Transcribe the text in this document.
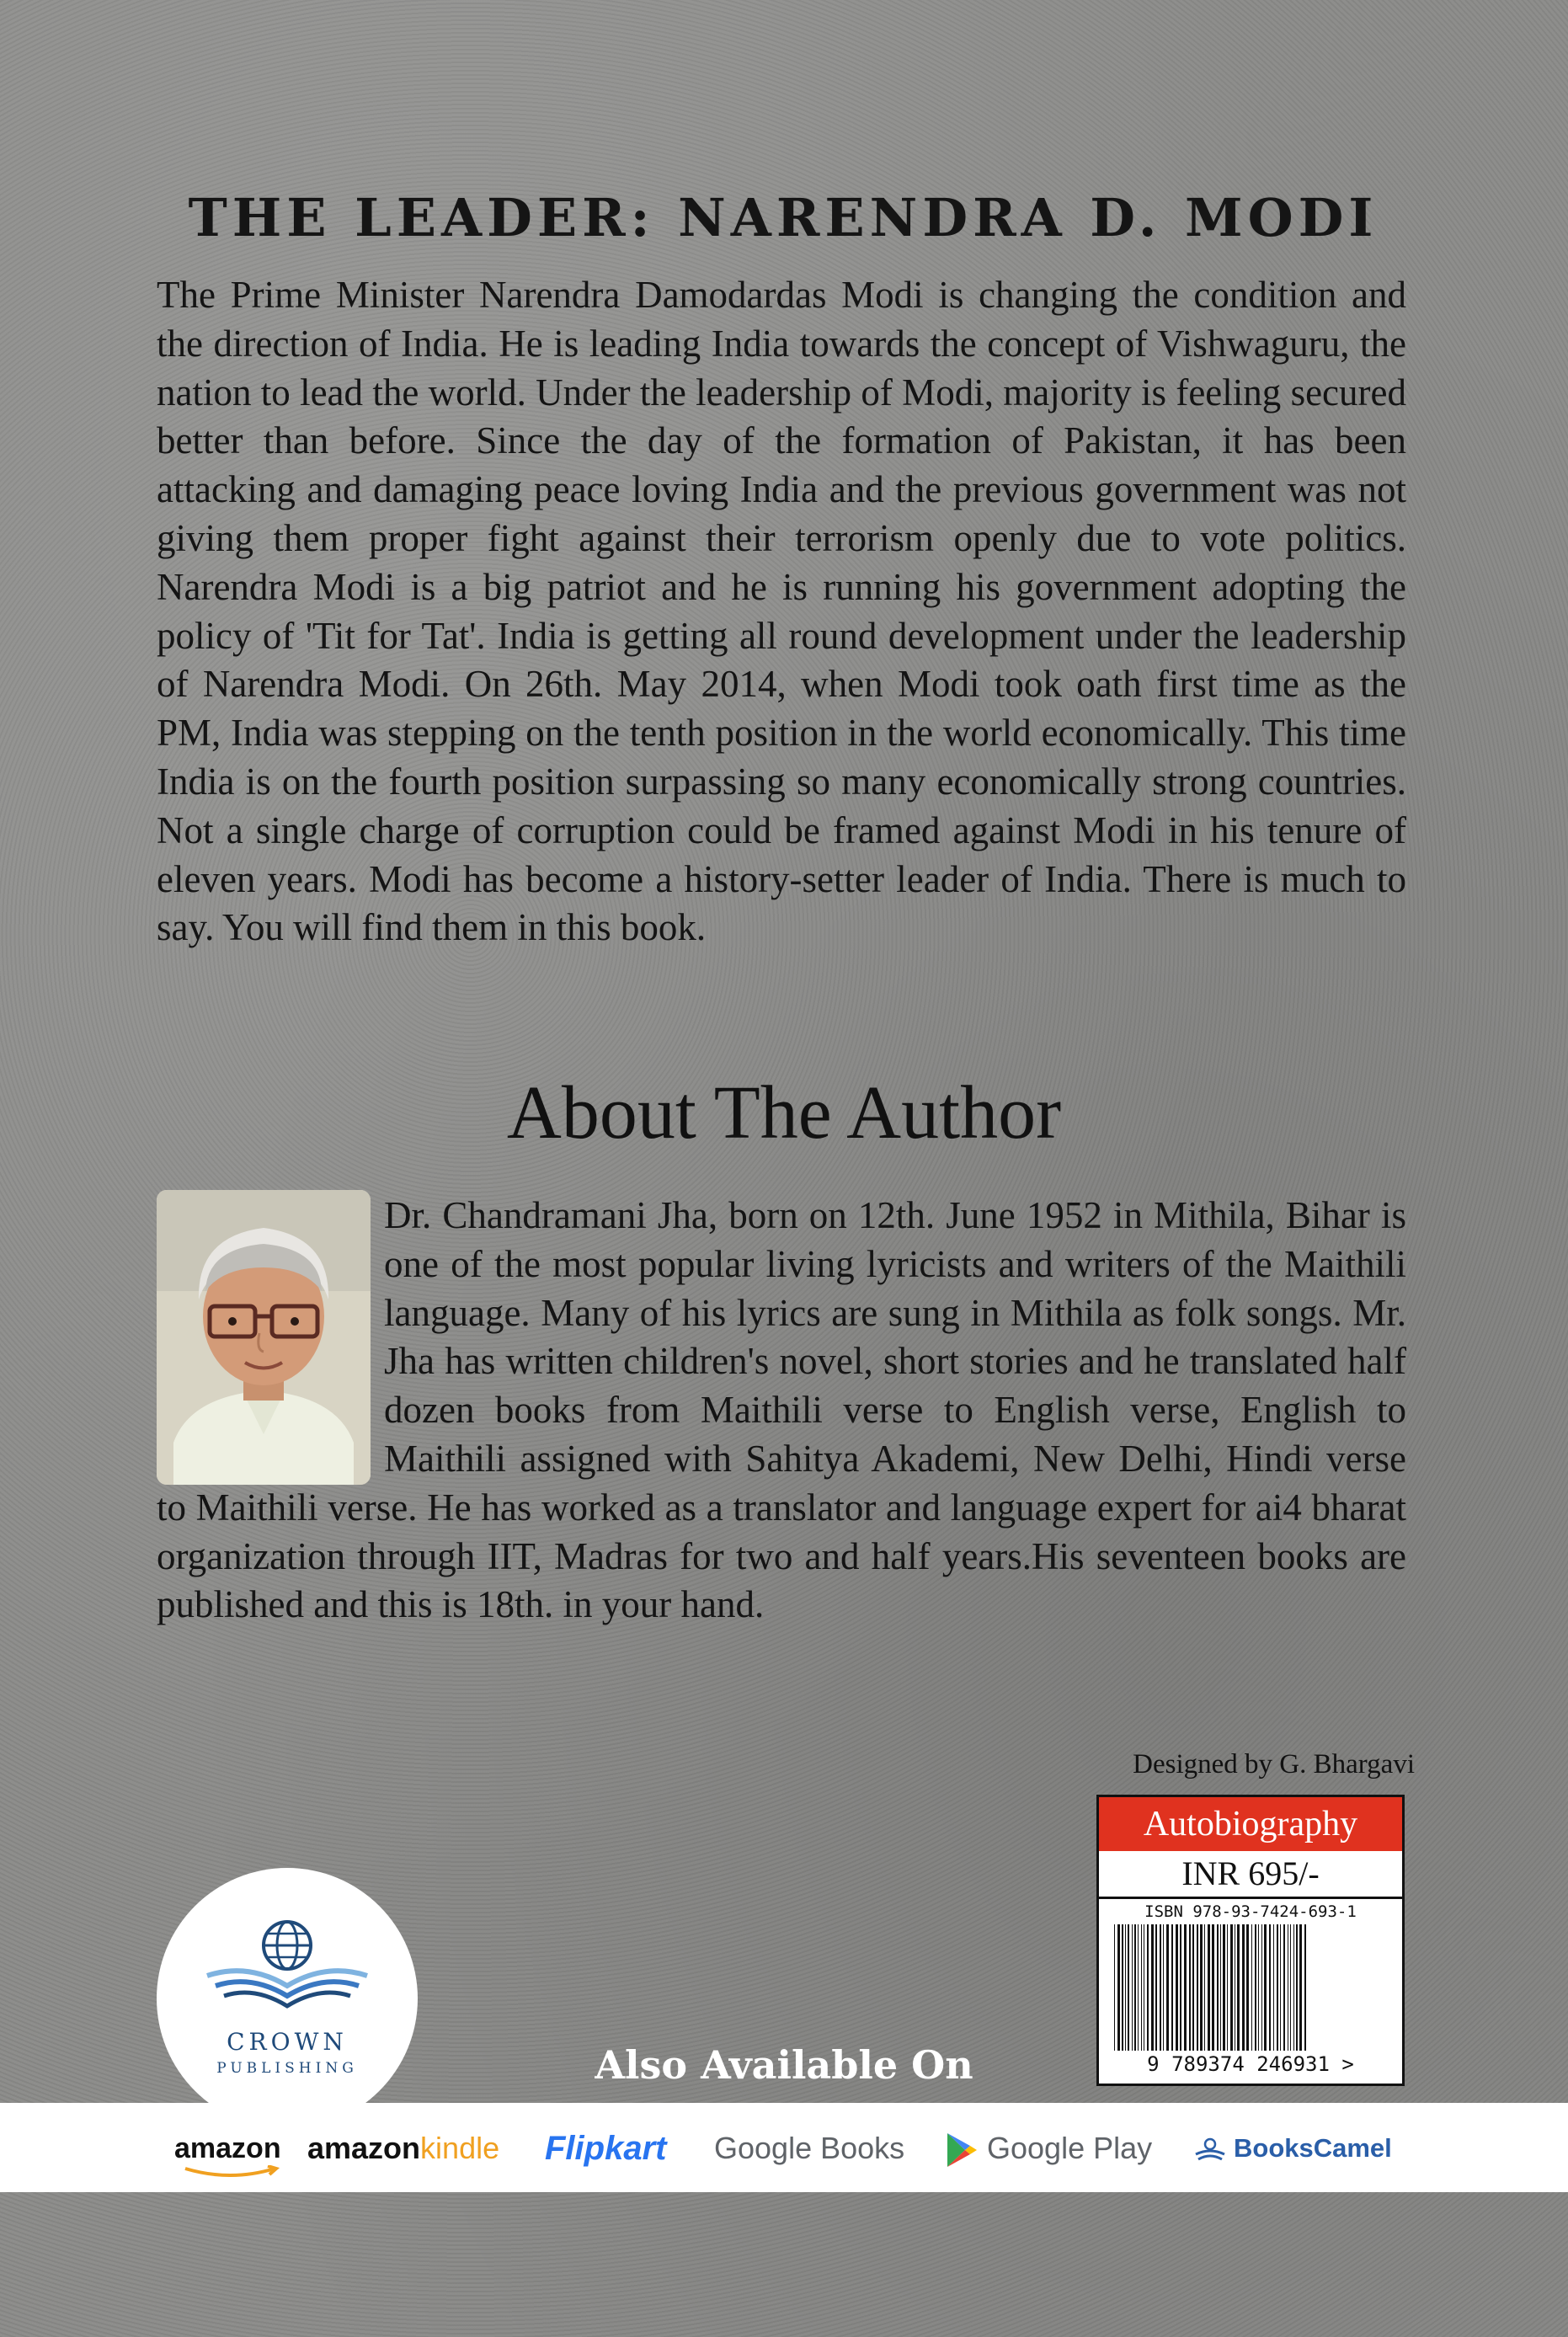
THE LEADER: NARENDRA D. MODI

The Prime Minister Narendra Damodardas Modi is changing the condition and the direction of India. He is leading India towards the concept of Vishwaguru, the nation to lead the world. Under the leadership of Modi, majority is feeling secured better than before. Since the day of the formation of Pakistan, it has been attacking and damaging peace loving India and the previous government was not giving them proper fight against their terrorism openly due to vote politics. Narendra Modi is a big patriot and he is running his government adopting the policy of 'Tit for Tat'. India is getting all round development under the leadership of Narendra Modi. On 26th. May 2014, when Modi took oath first time as the PM, India was stepping on the tenth position in the world economically. This time India is on the fourth position surpassing so many economically strong countries. Not a single charge of corruption could be framed against Modi in his tenure of eleven years. Modi has become a history-setter leader of India. There is much to say. You will find them in this book.

About The Author

Dr. Chandramani Jha, born on 12th. June 1952 in Mithila, Bihar is one of the most popular living lyricists and writers of the Maithili language. Many of his lyrics are sung in Mithila as folk songs. Mr. Jha has written children's novel, short stories and he translated half dozen books from Maithili verse to English verse, English to Maithili assigned with Sahitya Akademi, New Delhi, Hindi verse to Maithili verse. He has worked as a translator and language expert for ai4 bharat organization through IIT, Madras for two and half years.His seventeen books are published and this is 18th. in your hand.

Designed by G. Bhargavi
Autobiography
INR 695/-
ISBN 978-93-7424-693-1
9 789374 246931 >
CROWN
PUBLISHING	Also Available On
amazon amazonkindle Flipkart Google Books	Google Play	BooksCamel
